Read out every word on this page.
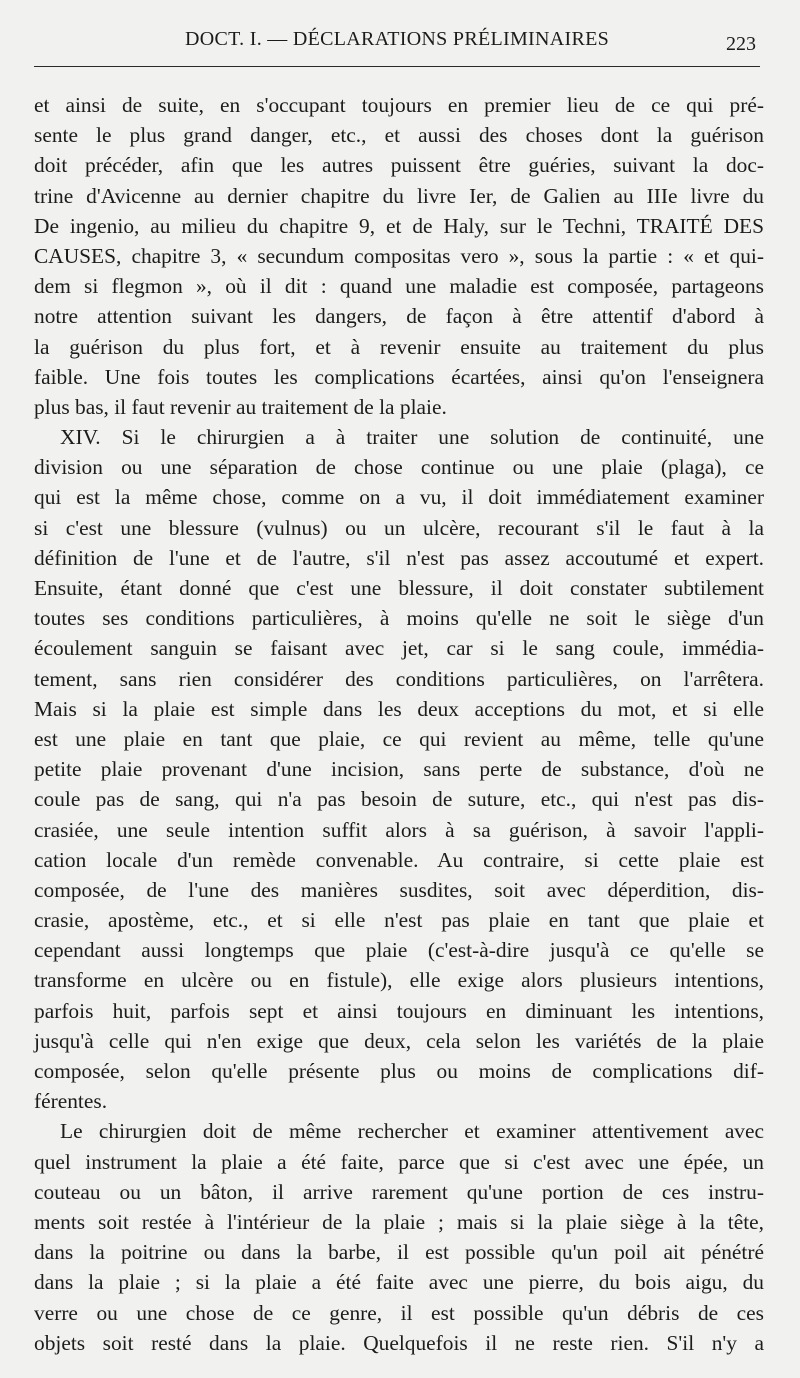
DOCT. I. — DÉCLARATIONS PRÉLIMINAIRES	223
et ainsi de suite, en s'occupant toujours en premier lieu de ce qui pré-
sente le plus grand danger, etc., et aussi des choses dont la guérison
doit précéder, afin que les autres puissent être guéries, suivant la doc-
trine d'Avicenne au dernier chapitre du livre Ier, de Galien au IIIe livre du
De ingenio, au milieu du chapitre 9, et de Haly, sur le Techni, TRAITÉ DES
CAUSES, chapitre 3, « secundum compositas vero », sous la partie : « et qui-
dem si flegmon », où il dit : quand une maladie est composée, partageons
notre attention suivant les dangers, de façon à être attentif d'abord à
la guérison du plus fort, et à revenir ensuite au traitement du plus
faible. Une fois toutes les complications écartées, ainsi qu'on l'enseignera
plus bas, il faut revenir au traitement de la plaie.
XIV. Si le chirurgien a à traiter une solution de continuité, une
division ou une séparation de chose continue ou une plaie (plaga), ce
qui est la même chose, comme on a vu, il doit immédiatement examiner
si c'est une blessure (vulnus) ou un ulcère, recourant s'il le faut à la
définition de l'une et de l'autre, s'il n'est pas assez accoutumé et expert.
Ensuite, étant donné que c'est une blessure, il doit constater subtilement
toutes ses conditions particulières, à moins qu'elle ne soit le siège d'un
écoulement sanguin se faisant avec jet, car si le sang coule, immédia-
tement, sans rien considérer des conditions particulières, on l'arrêtera.
Mais si la plaie est simple dans les deux acceptions du mot, et si elle
est une plaie en tant que plaie, ce qui revient au même, telle qu'une
petite plaie provenant d'une incision, sans perte de substance, d'où ne
coule pas de sang, qui n'a pas besoin de suture, etc., qui n'est pas dis-
crasiée, une seule intention suffit alors à sa guérison, à savoir l'appli-
cation locale d'un remède convenable. Au contraire, si cette plaie est
composée, de l'une des manières susdites, soit avec déperdition, dis-
crasie, apostème, etc., et si elle n'est pas plaie en tant que plaie et
cependant aussi longtemps que plaie (c'est-à-dire jusqu'à ce qu'elle se
transforme en ulcère ou en fistule), elle exige alors plusieurs intentions,
parfois huit, parfois sept et ainsi toujours en diminuant les intentions,
jusqu'à celle qui n'en exige que deux, cela selon les variétés de la plaie
composée, selon qu'elle présente plus ou moins de complications dif-
férentes.
Le chirurgien doit de même rechercher et examiner attentivement avec
quel instrument la plaie a été faite, parce que si c'est avec une épée, un
couteau ou un bâton, il arrive rarement qu'une portion de ces instru-
ments soit restée à l'intérieur de la plaie ; mais si la plaie siège à la tête,
dans la poitrine ou dans la barbe, il est possible qu'un poil ait pénétré
dans la plaie ; si la plaie a été faite avec une pierre, du bois aigu, du
verre ou une chose de ce genre, il est possible qu'un débris de ces
objets soit resté dans la plaie. Quelquefois il ne reste rien. S'il n'y a
